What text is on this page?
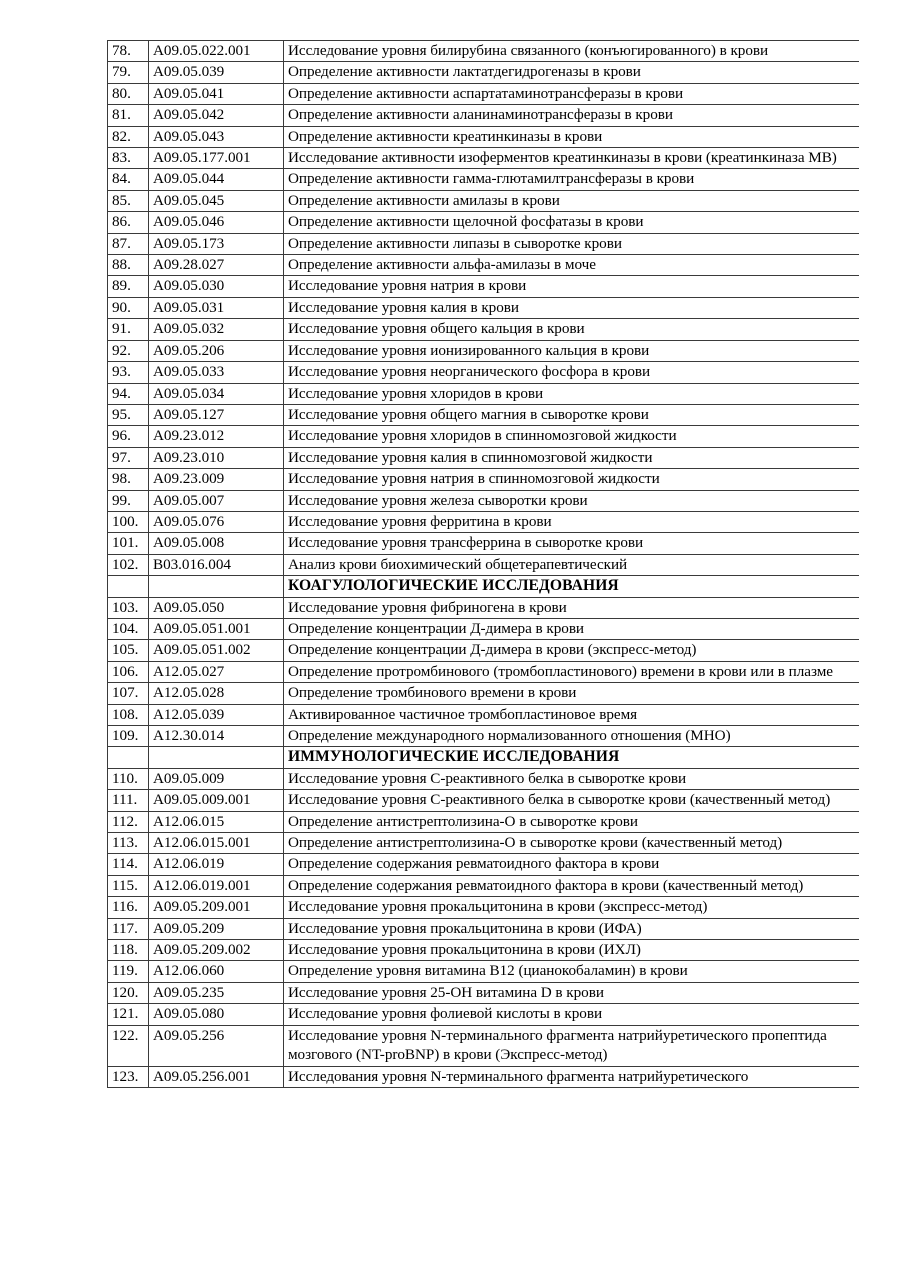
78.	A09.05.022.001	Исследование уровня билирубина связанного (конъюгированного) в крови
79.	A09.05.039	Определение активности лактатдегидрогеназы в крови
80.	A09.05.041	Определение активности аспартатаминотрансферазы в крови
81.	A09.05.042	Определение активности аланинаминотрансферазы в крови
82.	A09.05.043	Определение активности креатинкиназы в крови
83.	A09.05.177.001	Исследование активности изоферментов креатинкиназы в крови (креатинкиназа МВ)
84.	A09.05.044	Определение активности гамма-глютамилтрансферазы в крови
85.	A09.05.045	Определение активности амилазы в крови
86.	A09.05.046	Определение активности щелочной фосфатазы в крови
87.	A09.05.173	Определение активности липазы в сыворотке крови
88.	A09.28.027	Определение активности альфа-амилазы в моче
89.	A09.05.030	Исследование уровня натрия в крови
90.	A09.05.031	Исследование уровня калия в крови
91.	A09.05.032	Исследование уровня общего кальция в крови
92.	A09.05.206	Исследование уровня ионизированного кальция в крови
93.	A09.05.033	Исследование уровня неорганического фосфора в крови
94.	A09.05.034	Исследование уровня хлоридов в крови
95.	A09.05.127	Исследование уровня общего магния в сыворотке крови
96.	A09.23.012	Исследование уровня хлоридов в спинномозговой жидкости
97.	A09.23.010	Исследование уровня калия в спинномозговой жидкости
98.	A09.23.009	Исследование уровня натрия в спинномозговой жидкости
99.	A09.05.007	Исследование уровня железа сыворотки крови
100.	A09.05.076	Исследование уровня ферритина в крови
101.	A09.05.008	Исследование уровня трансферрина в сыворотке крови
102.	B03.016.004	Анализ крови биохимический общетерапевтический
		КОАГУЛОЛОГИЧЕСКИЕ ИССЛЕДОВАНИЯ
103.	A09.05.050	Исследование уровня фибриногена в крови
104.	A09.05.051.001	Определение концентрации Д-димера в крови
105.	A09.05.051.002	Определение концентрации Д-димера в крови (экспресс-метод)
106.	A12.05.027	Определение протромбинового (тромбопластинового) времени в крови или в плазме
107.	A12.05.028	Определение тромбинового времени в крови
108.	A12.05.039	Активированное частичное тромбопластиновое время
109.	A12.30.014	Определение международного нормализованного отношения (МНО)
		ИММУНОЛОГИЧЕСКИЕ ИССЛЕДОВАНИЯ
110.	A09.05.009	Исследование уровня С-реактивного белка в сыворотке крови
111.	A09.05.009.001	Исследование уровня С-реактивного белка в сыворотке крови (качественный метод)
112.	A12.06.015	Определение антистрептолизина-О в сыворотке крови
113.	A12.06.015.001	Определение антистрептолизина-О в сыворотке крови (качественный метод)
114.	A12.06.019	Определение содержания ревматоидного фактора в крови
115.	A12.06.019.001	Определение содержания ревматоидного фактора в крови (качественный метод)
116.	A09.05.209.001	Исследование уровня прокальцитонина в крови (экспресс-метод)
117.	A09.05.209	Исследование уровня прокальцитонина в крови (ИФА)
118.	A09.05.209.002	Исследование уровня прокальцитонина в крови (ИХЛ)
119.	A12.06.060	Определение уровня витамина В12 (цианокобаламин) в крови
120.	A09.05.235	Исследование уровня 25-ОН витамина D в крови
121.	A09.05.080	Исследование уровня фолиевой кислоты в крови
122.	A09.05.256	Исследование уровня N-терминального фрагмента натрийуретического пропептида мозгового (NT-proBNP) в крови (Экспресс-метод)
123.	A09.05.256.001	Исследования уровня N-терминального фрагмента натрийуретического
